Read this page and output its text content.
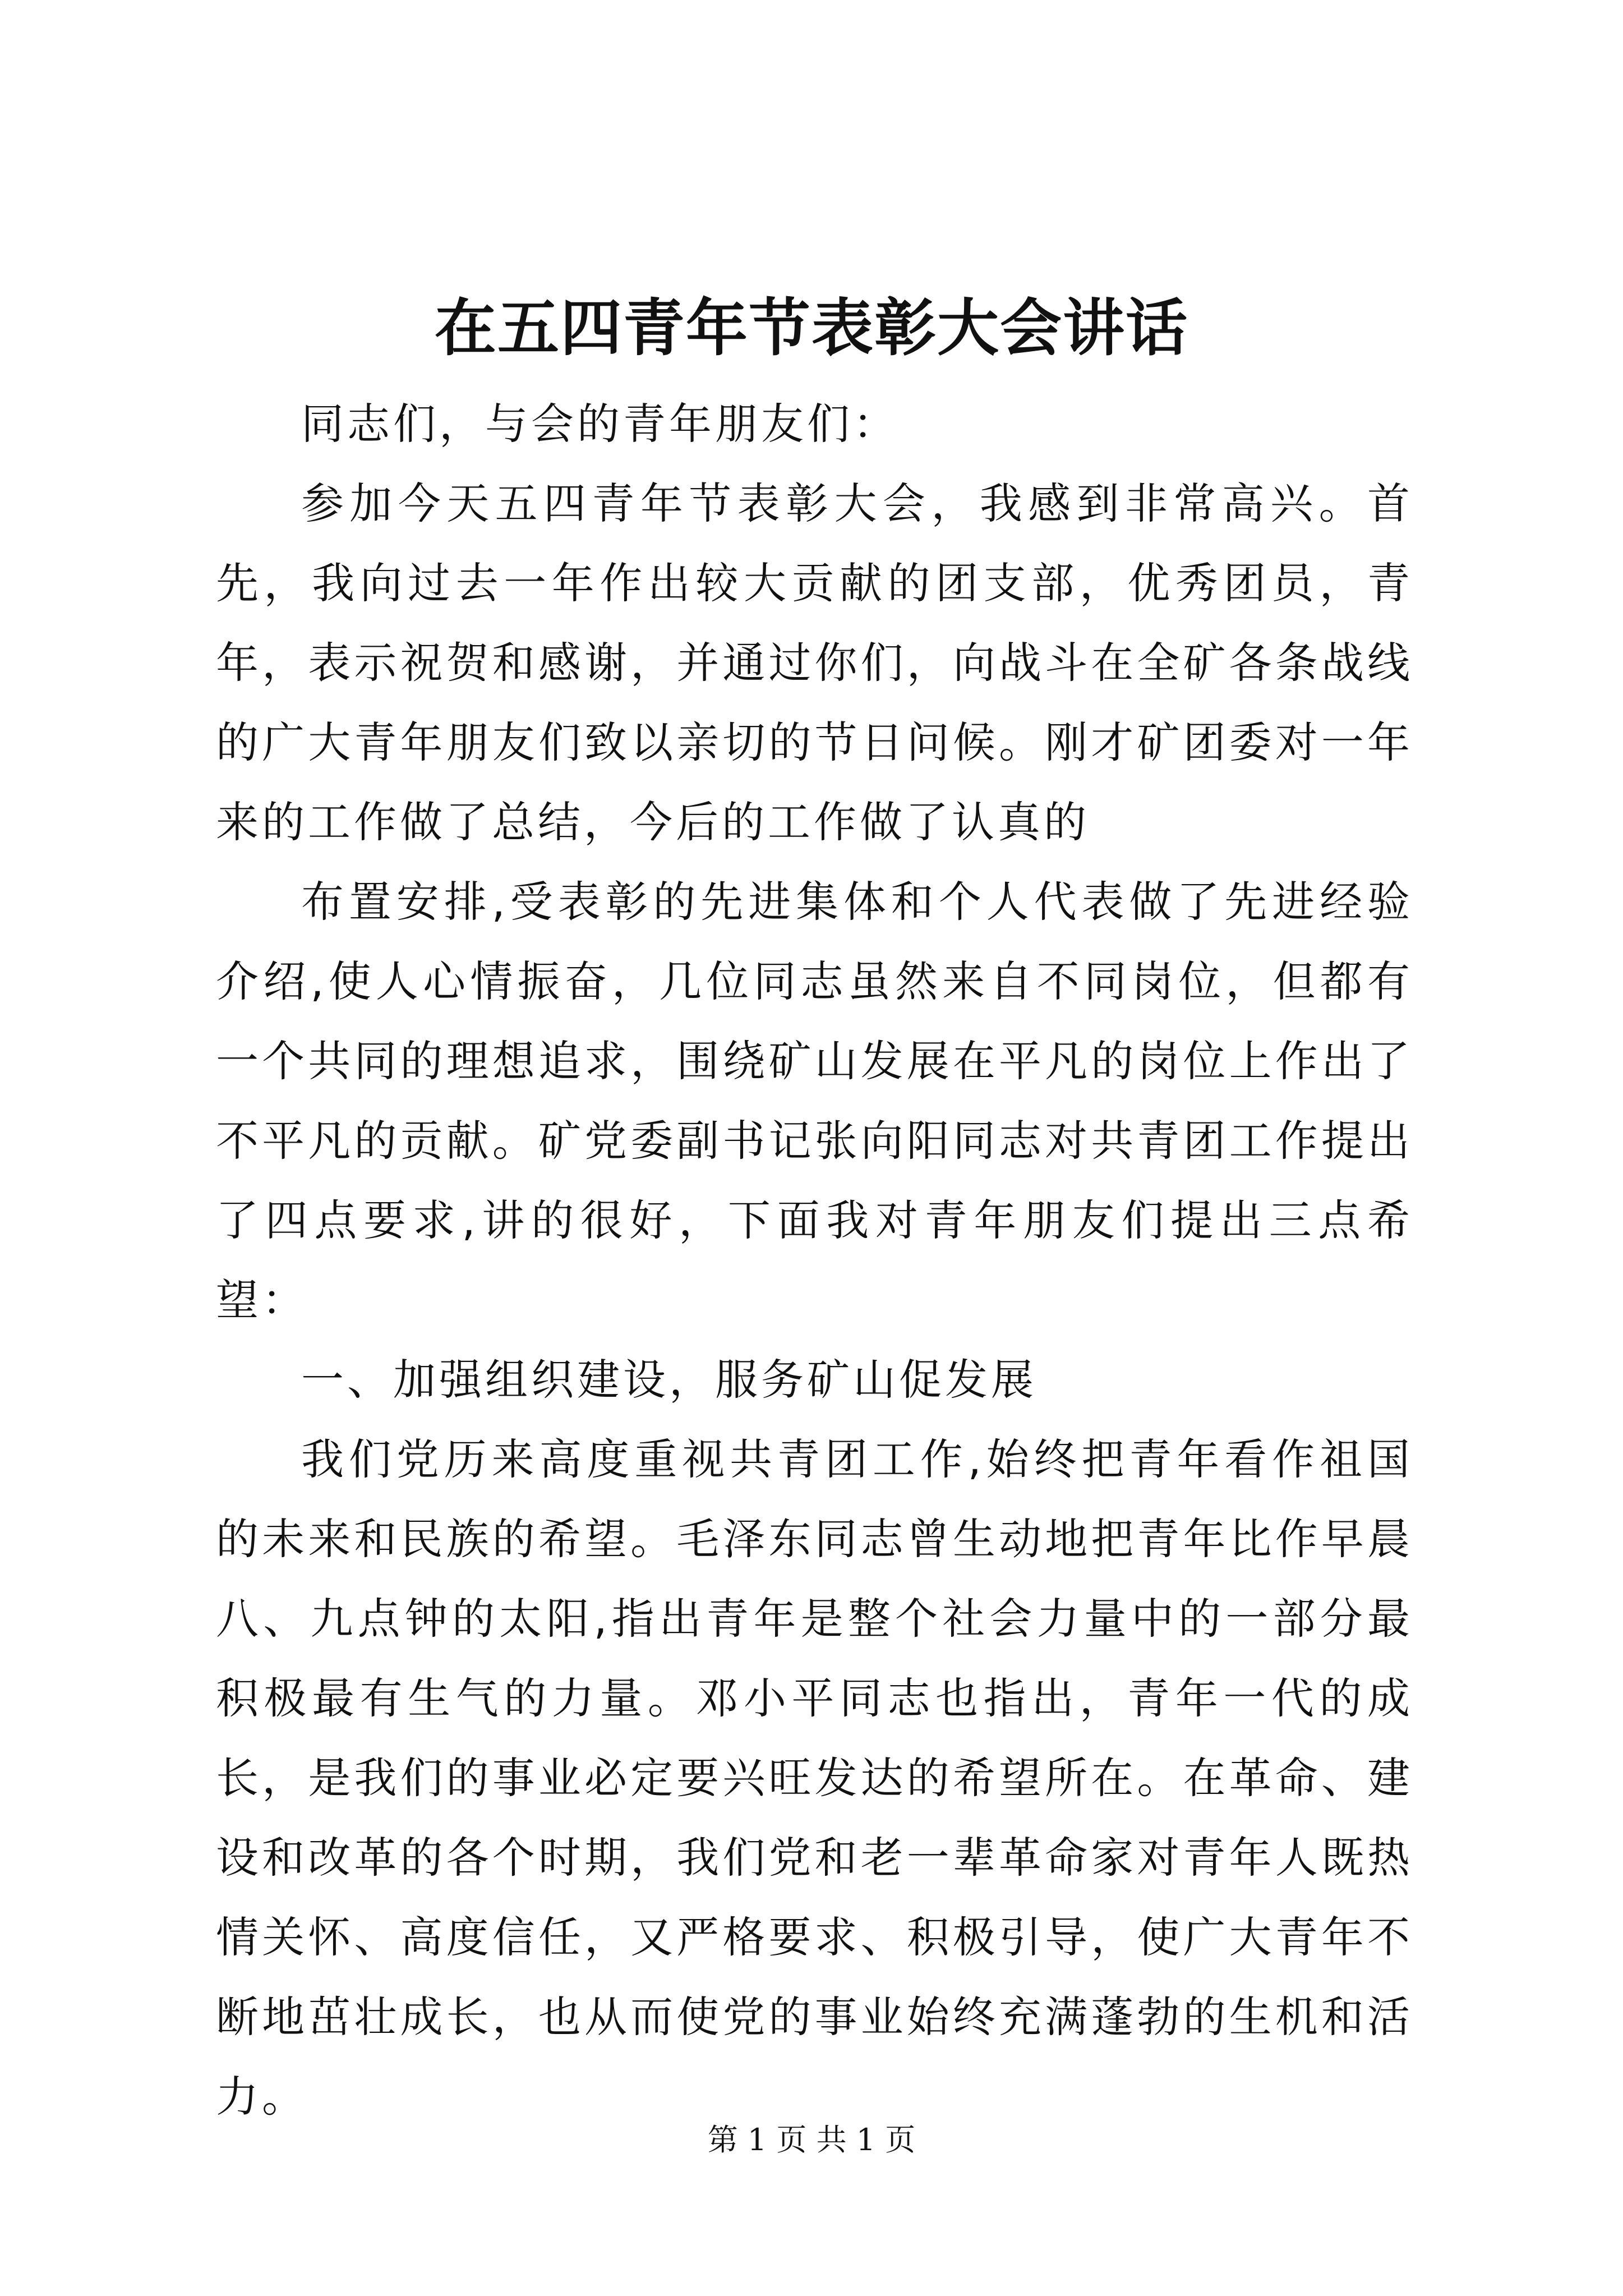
在五四青年节表彰大会讲话

同志们，与会的青年朋友们：

参加今天五四青年节表彰大会，我感到非常高兴。首先，我向过去一年作出较大贡献的团支部，优秀团员，青年，表示祝贺和感谢，并通过你们，向战斗在全矿各条战线的广大青年朋友们致以亲切的节日问候。刚才矿团委对一年来的工作做了总结，今后的工作做了认真的

布置安排,受表彰的先进集体和个人代表做了先进经验介绍,使人心情振奋，几位同志虽然来自不同岗位，但都有一个共同的理想追求，围绕矿山发展在平凡的岗位上作出了不平凡的贡献。矿党委副书记张向阳同志对共青团工作提出了四点要求,讲的很好，下面我对青年朋友们提出三点希望：

一、加强组织建设，服务矿山促发展

我们党历来高度重视共青团工作,始终把青年看作祖国的未来和民族的希望。毛泽东同志曾生动地把青年比作早晨八、九点钟的太阳,指出青年是整个社会力量中的一部分最积极最有生气的力量。邓小平同志也指出，青年一代的成长，是我们的事业必定要兴旺发达的希望所在。在革命、建设和改革的各个时期，我们党和老一辈革命家对青年人既热情关怀、高度信任，又严格要求、积极引导，使广大青年不断地茁壮成长，也从而使党的事业始终充满蓬勃的生机和活力。

第 1 页 共 1 页
